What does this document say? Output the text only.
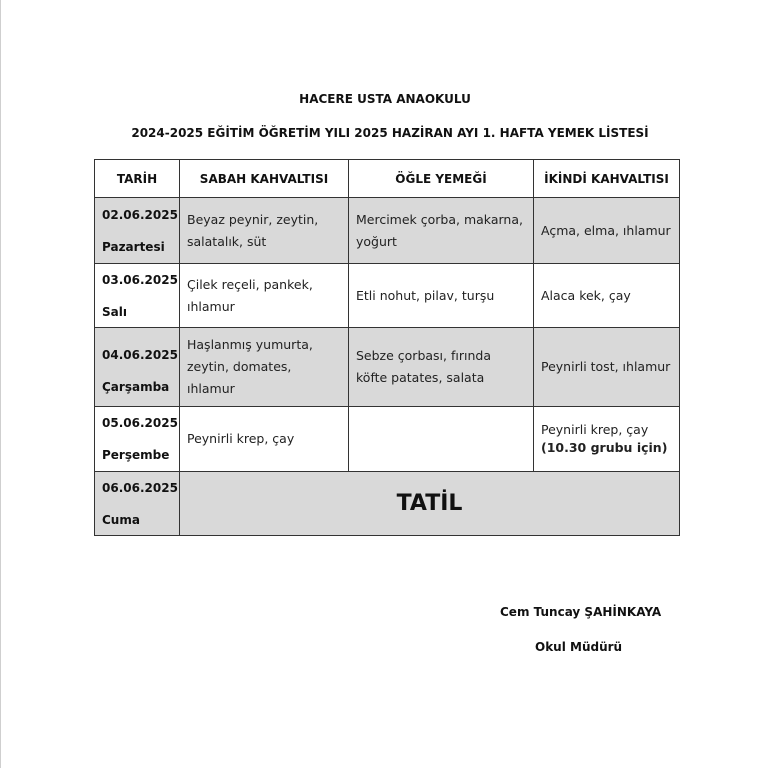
HACERE USTA ANAOKULU
2024-2025 EĞİTİM ÖĞRETİM YILI 2025 HAZİRAN AYI 1. HAFTA YEMEK LİSTESİ
TARİH	SABAH KAHVALTISI	ÖĞLE YEMEĞİ	İKİNDİ KAHVALTISI

02.06.2025
Pazartesi	Beyaz peynir, zeytin, salatalık, süt	Mercimek çorba, makarna, yoğurt	Açma, elma, ıhlamur

03.06.2025
Salı	Çilek reçeli, pankek, ıhlamur	Etli nohut, pilav, turşu	Alaca kek, çay

04.06.2025
Çarşamba	Haşlanmış yumurta, zeytin, domates, ıhlamur	Sebze çorbası, fırında köfte patates, salata	Peynirli tost, ıhlamur

05.06.2025
Perşembe	Peynirli krep, çay		Peynirli krep, çay
(10.30 grubu için)

06.06.2025
Cuma	TATİL		
Cem Tuncay ŞAHİNKAYA
Okul Müdürü
